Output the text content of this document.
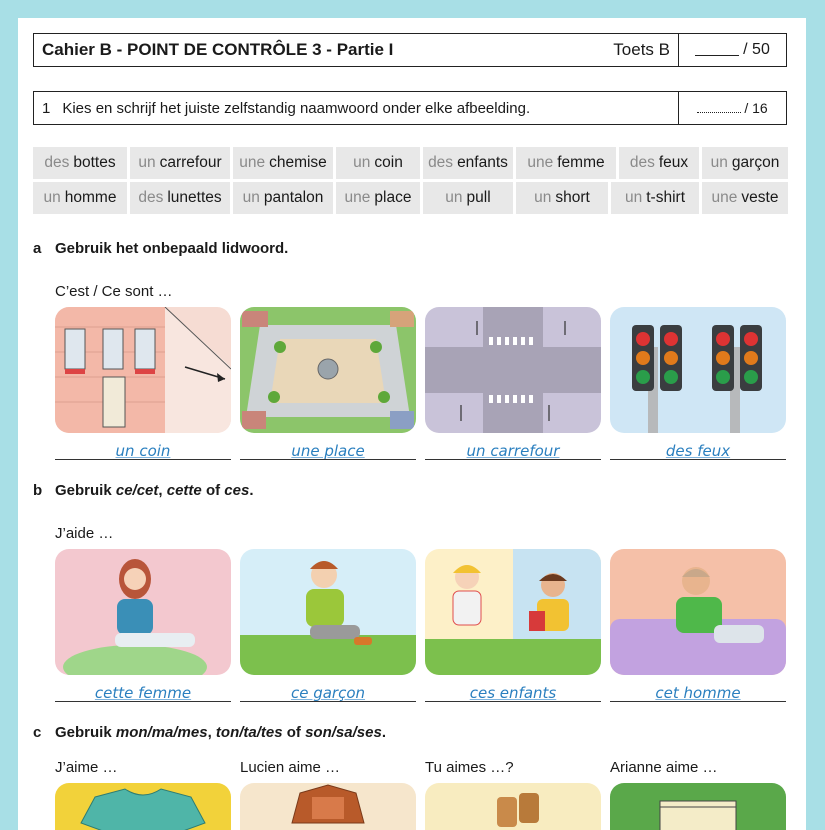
Cahier B - POINT DE CONTRÔLE 3 - Partie I	Toets B	/ 50
1 Kies en schrijf het juiste zelfstandig naamwoord onder elke afbeelding.	/ 16
des bottes un carrefour une chemise un coin des enfants une femme des feux un garçon
un homme des lunettes un pantalon une place un pull	un short un t-shirt une veste
a Gebruik het onbepaald lidwoord.
C’est / Ce sont …
un coin	une place	un carrefour	des feux
b Gebruik ce/cet, cette of ces.
J’aide …
cette femme	ce garçon	ces enfants	cet homme
c Gebruik mon/ma/mes, ton/ta/tes of son/sa/ses.
J’aime …	Lucien aime …	Tu aimes …?	Arianne aime …
